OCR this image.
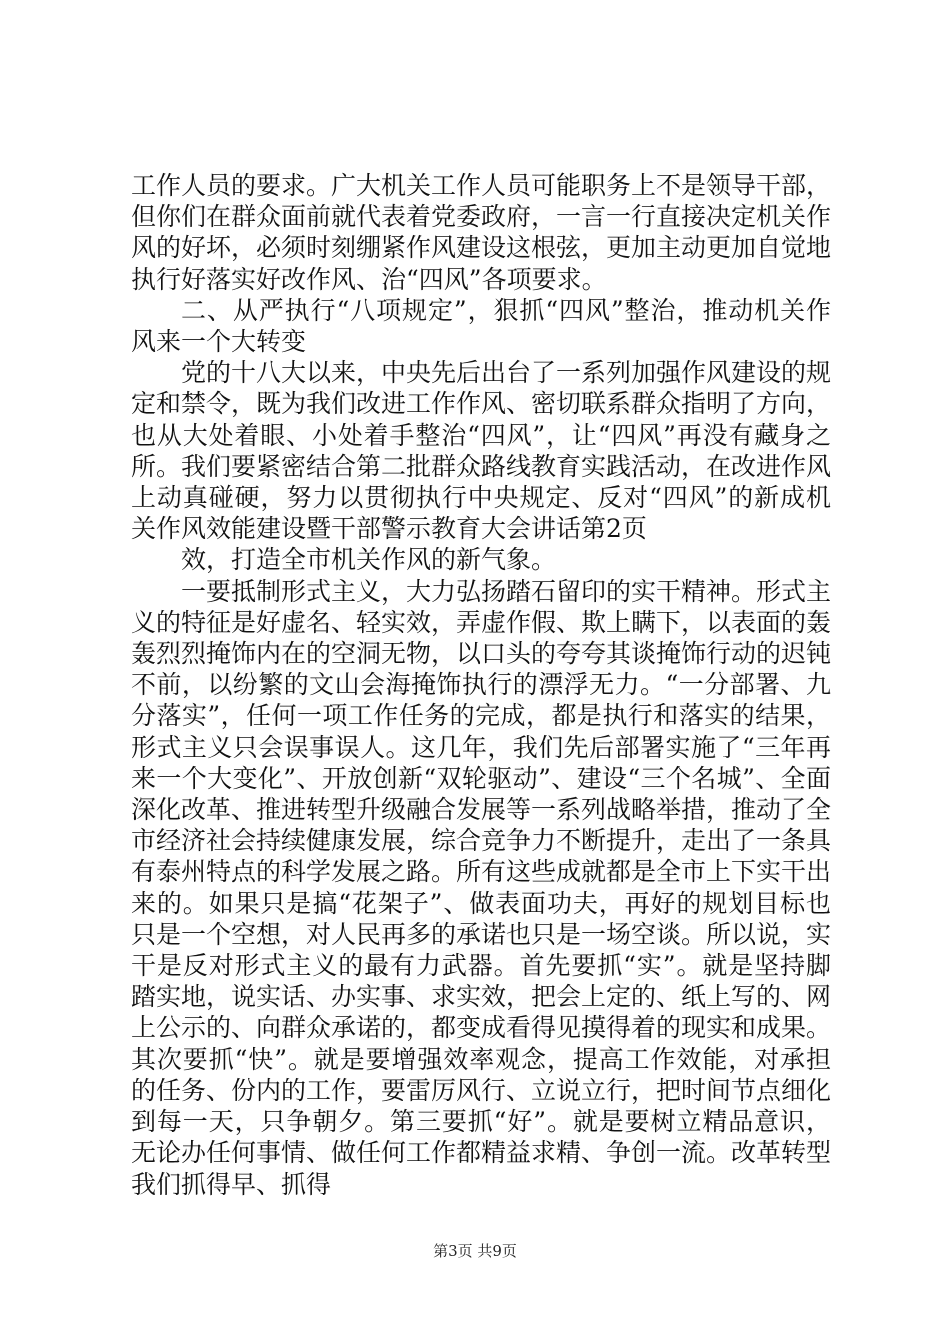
工作人员的要求。广大机关工作人员可能职务上不是领导干部，但你们在群众面前就代表着党委政府，一言一行直接决定机关作风的好坏，必须时刻绷紧作风建设这根弦，更加主动更加自觉地执行好落实好改作风、治“四风”各项要求。

二、从严执行“八项规定”，狠抓“四风”整治，推动机关作风来一个大转变

党的十八大以来，中央先后出台了一系列加强作风建设的规定和禁令，既为我们改进工作作风、密切联系群众指明了方向，也从大处着眼、小处着手整治“四风”，让“四风”再没有藏身之所。我们要紧密结合第二批群众路线教育实践活动，在改进作风上动真碰硬，努力以贯彻执行中央规定、反对“四风”的新成机关作风效能建设暨干部警示教育大会讲话第2页

效，打造全市机关作风的新气象。

一要抵制形式主义，大力弘扬踏石留印的实干精神。形式主义的特征是好虚名、轻实效，弄虚作假、欺上瞒下，以表面的轰轰烈烈掩饰内在的空洞无物，以口头的夸夸其谈掩饰行动的迟钝不前，以纷繁的文山会海掩饰执行的漂浮无力。“一分部署、九分落实”，任何一项工作任务的完成，都是执行和落实的结果，形式主义只会误事误人。这几年，我们先后部署实施了“三年再来一个大变化”、开放创新“双轮驱动”、建设“三个名城”、全面深化改革、推进转型升级融合发展等一系列战略举措，推动了全市经济社会持续健康发展，综合竞争力不断提升，走出了一条具有泰州特点的科学发展之路。所有这些成就都是全市上下实干出来的。如果只是搞“花架子”、做表面功夫，再好的规划目标也只是一个空想，对人民再多的承诺也只是一场空谈。所以说，实干是反对形式主义的最有力武器。首先要抓“实”。就是坚持脚踏实地，说实话、办实事、求实效，把会上定的、纸上写的、网上公示的、向群众承诺的，都变成看得见摸得着的现实和成果。其次要抓“快”。就是要增强效率观念，提高工作效能，对承担的任务、份内的工作，要雷厉风行、立说立行，把时间节点细化到每一天，只争朝夕。第三要抓“好”。就是要树立精品意识，无论办任何事情、做任何工作都精益求精、争创一流。改革转型我们抓得早、抓得

第3页 共9页
